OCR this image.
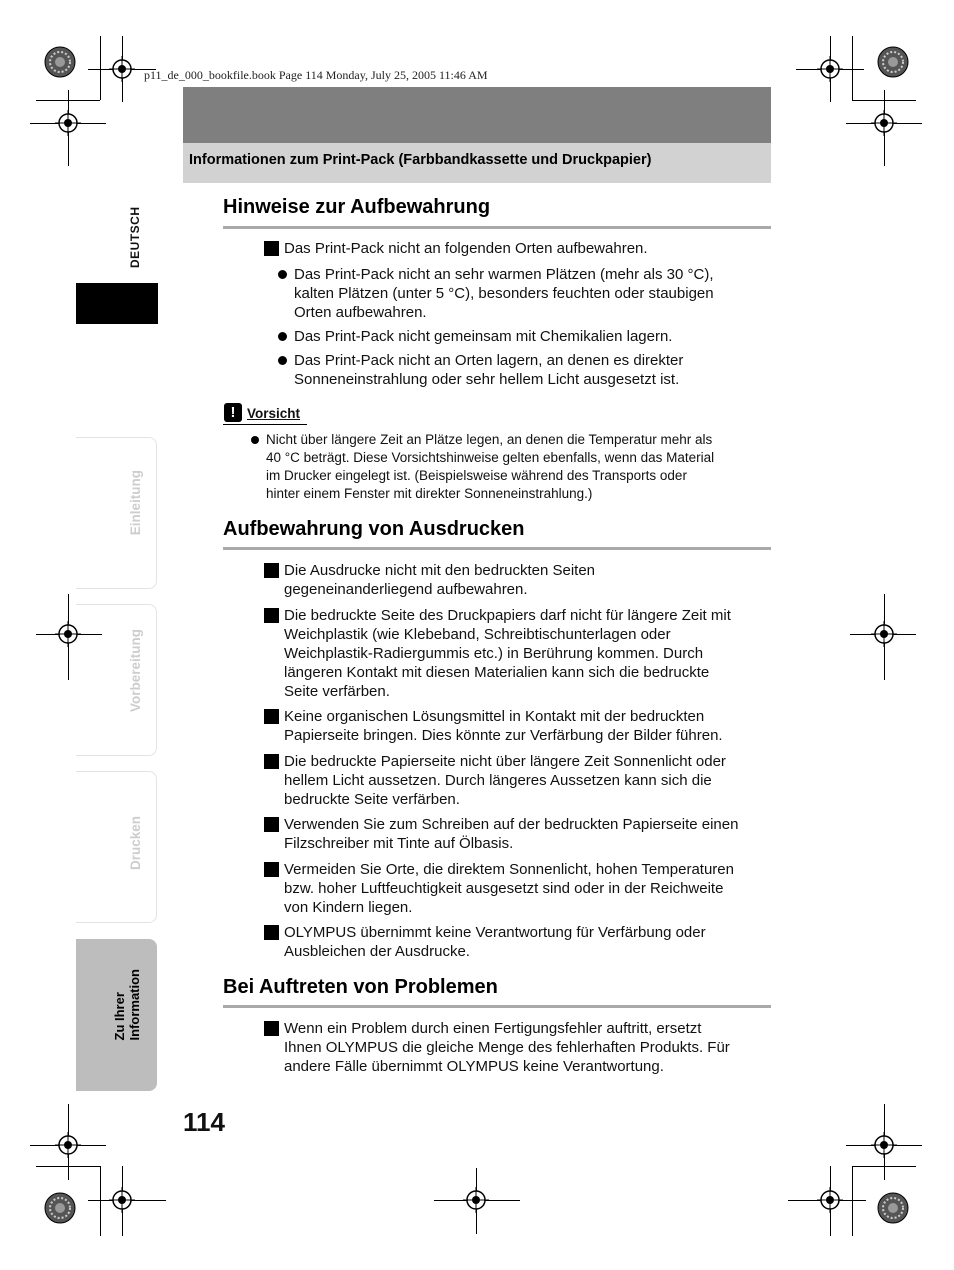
p11_de_000_bookfile.book Page 114 Monday, July 25, 2005 11:46 AM
Informationen zum Print-Pack (Farbbandkassette und Druckpapier)
DEUTSCH
Einleitung
Vorbereitung
Drucken
Zu Ihrer
Information
Hinweise zur Aufbewahrung
Das Print-Pack nicht an folgenden Orten aufbewahren.
Das Print-Pack nicht an sehr warmen Plätzen (mehr als 30 °C),
kalten Plätzen (unter 5 °C), besonders feuchten oder staubigen
Orten aufbewahren.
Das Print-Pack nicht gemeinsam mit Chemikalien lagern.
Das Print-Pack nicht an Orten lagern, an denen es direkter
Sonneneinstrahlung oder sehr hellem Licht ausgesetzt ist.
! Vorsicht
Nicht über längere Zeit an Plätze legen, an denen die Temperatur mehr als
40 °C beträgt. Diese Vorsichtshinweise gelten ebenfalls, wenn das Material
im Drucker eingelegt ist. (Beispielsweise während des Transports oder
hinter einem Fenster mit direkter Sonneneinstrahlung.)
Aufbewahrung von Ausdrucken
Die Ausdrucke nicht mit den bedruckten Seiten
gegeneinanderliegend aufbewahren.
Die bedruckte Seite des Druckpapiers darf nicht für längere Zeit mit
Weichplastik (wie Klebeband, Schreibtischunterlagen oder
Weichplastik-Radiergummis etc.) in Berührung kommen. Durch
längeren Kontakt mit diesen Materialien kann sich die bedruckte
Seite verfärben.
Keine organischen Lösungsmittel in Kontakt mit der bedruckten
Papierseite bringen. Dies könnte zur Verfärbung der Bilder führen.
Die bedruckte Papierseite nicht über längere Zeit Sonnenlicht oder
hellem Licht aussetzen. Durch längeres Aussetzen kann sich die
bedruckte Seite verfärben.
Verwenden Sie zum Schreiben auf der bedruckten Papierseite einen
Filzschreiber mit Tinte auf Ölbasis.
Vermeiden Sie Orte, die direktem Sonnenlicht, hohen Temperaturen
bzw. hoher Luftfeuchtigkeit ausgesetzt sind oder in der Reichweite
von Kindern liegen.
OLYMPUS übernimmt keine Verantwortung für Verfärbung oder
Ausbleichen der Ausdrucke.
Bei Auftreten von Problemen
Wenn ein Problem durch einen Fertigungsfehler auftritt, ersetzt
Ihnen OLYMPUS die gleiche Menge des fehlerhaften Produkts. Für
andere Fälle übernimmt OLYMPUS keine Verantwortung.
114
